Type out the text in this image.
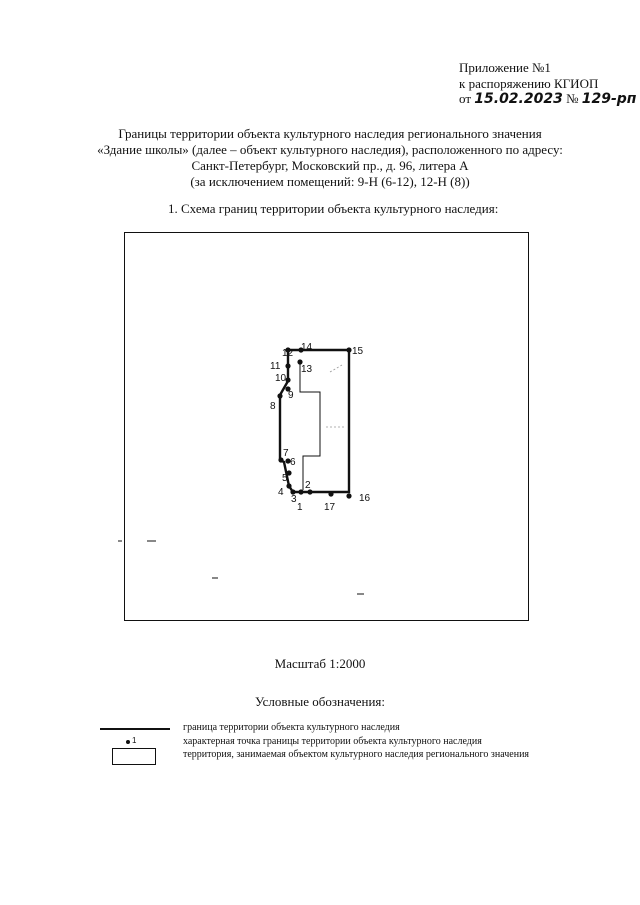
Приложение №1
к распоряжению КГИОП
от 15.02.2023 № 129-рп
Границы территории объекта культурного наследия регионального значения
«Здание школы» (далее – объект культурного наследия), расположенного по адресу:
Санкт-Петербург, Московский пр., д. 96, литера А
(за исключением помещений: 9-Н (6-12), 12-Н (8))
1. Схема границ территории объекта культурного наследия:
1
2
3
4
5
6
7
8
9
10
11
12
13
14	15
16
17
Масштаб 1:2000
Условные обозначения:
граница территории объекта культурного наследия
1	характерная точка границы территории объекта культурного наследия
территория, занимаемая объектом культурного наследия регионального значения
